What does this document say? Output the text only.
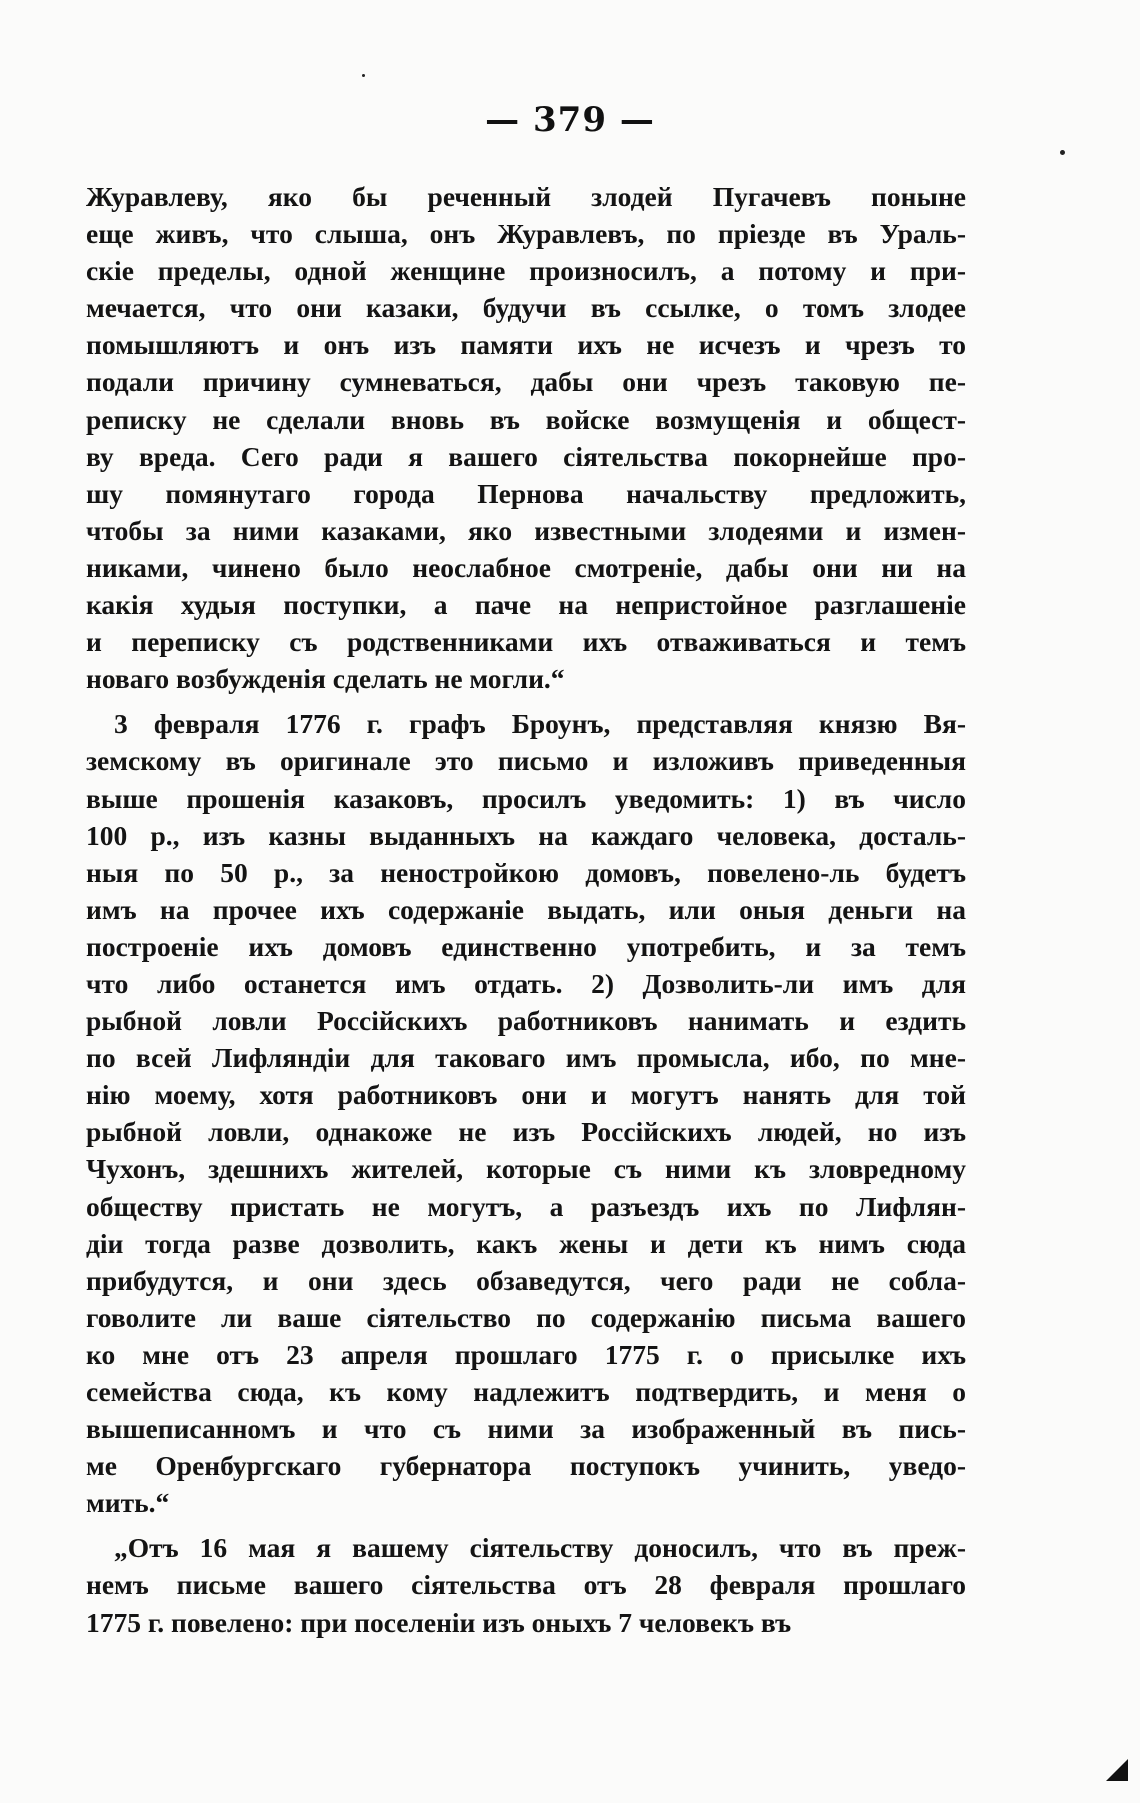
— 379 —
Журавлеву, яко бы реченный злодей Пугачевъ поныне
еще живъ, что слыша, онъ Журавлевъ, по прiезде въ Ураль-
скiе пределы, одной женщине произносилъ, а потому и при-
мечается, что они казаки, будучи въ ссылке, о томъ злодее
помышляютъ и онъ изъ памяти ихъ не исчезъ и чрезъ то
подали причину сумневаться, дабы они чрезъ таковую пе-
реписку не сделали вновь въ войске возмущенiя и общест-
ву вреда. Сего ради я вашего сiятельства покорнейше про-
шу помянутаго города Пернова начальству предложить,
чтобы за ними казаками, яко известными злодеями и измен-
никами, чинено было неослабное смотренiе, дабы они ни на
какiя худыя поступки, а паче на непристойное разглашенiе
и переписку съ родственниками ихъ отваживаться и темъ
новаго возбужденiя сделать не могли.“
3 февраля 1776 г. графъ Броунъ, представляя князю Вя-
земскому въ оригинале это письмо и изложивъ приведенныя
выше прошенiя казаковъ, просилъ уведомить: 1) въ число
100 р., изъ казны выданныхъ на каждаго человека, досталь-
ныя по 50 р., за неностройкою домовъ, повелено-ль будетъ
имъ на прочее ихъ содержанiе выдать, или оныя деньги на
построенiе ихъ домовъ единственно употребить, и за темъ
что либо останется имъ отдать. 2) Дозволить-ли имъ для
рыбной ловли Россiйскихъ работниковъ нанимать и ездить
по всей Лифляндiи для таковаго имъ промысла, ибо, по мне-
нiю моему, хотя работниковъ они и могутъ нанять для той
рыбной ловли, однакоже не изъ Россiйскихъ людей, но изъ
Чухонъ, здешнихъ жителей, которые съ ними къ зловредному
обществу пристать не могутъ, а разъездъ ихъ по Лифлян-
дiи тогда разве дозволить, какъ жены и дети къ нимъ сюда
прибудутся, и они здесь обзаведутся, чего ради не собла-
говолите ли ваше сiятельство по содержанiю письма вашего
ко мне отъ 23 апреля прошлаго 1775 г. о присылке ихъ
семейства сюда, къ кому надлежитъ подтвердить, и меня о
вышеписанномъ и что съ ними за изображенный въ пись-
ме Оренбургскаго губернатора поступокъ учинить, уведо-
мить.“
„Отъ 16 мая я вашему сiятельству доносилъ, что въ преж-
немъ письме вашего сiятельства отъ 28 февраля прошлаго
1775 г. повелено: при поселенiи изъ оныхъ 7 человекъ въ
